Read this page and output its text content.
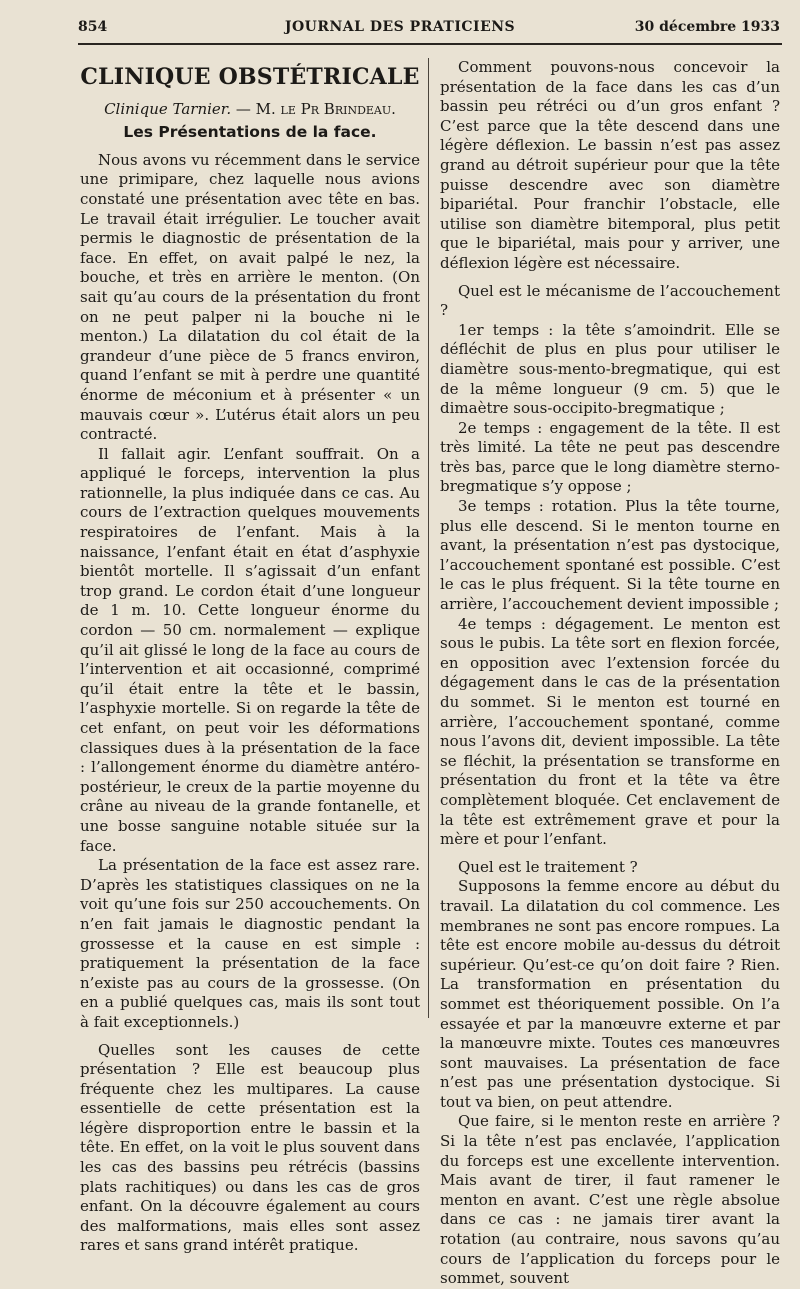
854	JOURNAL DES PRATICIENS	30 décembre 1933
CLINIQUE OBSTÉTRICALE
Clinique Tarnier. — M. le Pr Brindeau.
Les Présentations de la face.

Nous avons vu récemment dans le service une primipare, chez laquelle nous avions constaté une présentation avec tête en bas. Le travail était irrégulier. Le toucher avait permis le diagnostic de présentation de la face. En effet, on avait palpé le nez, la bouche, et très en arrière le menton. (On sait qu’au cours de la présentation du front on ne peut palper ni la bouche ni le menton.) La dilatation du col était de la grandeur d’une pièce de 5 francs environ, quand l’enfant se mit à perdre une quantité énorme de méconium et à présenter « un mauvais cœur ». L’utérus était alors un peu contracté.

Il fallait agir. L’enfant souffrait. On a appliqué le forceps, intervention la plus rationnelle, la plus indiquée dans ce cas. Au cours de l’extraction quelques mouvements respiratoires de l’enfant. Mais à la naissance, l’enfant était en état d’asphyxie bientôt mortelle. Il s’agissait d’un enfant trop grand. Le cordon était d’une longueur de 1 m. 10. Cette longueur énorme du cordon — 50 cm. normalement — explique qu’il ait glissé le long de la face au cours de l’intervention et ait occasionné, comprimé qu’il était entre la tête et le bassin, l’asphyxie mortelle. Si on regarde la tête de cet enfant, on peut voir les déformations classiques dues à la présentation de la face : l’allongement énorme du diamètre antéro-postérieur, le creux de la partie moyenne du crâne au niveau de la grande fontanelle, et une bosse sanguine notable située sur la face.

La présentation de la face est assez rare. D’après les statistiques classiques on ne la voit qu’une fois sur 250 accouchements. On n’en fait jamais le diagnostic pendant la grossesse et la cause en est simple : pratiquement la présentation de la face n’existe pas au cours de la grossesse. (On en a publié quelques cas, mais ils sont tout à fait exceptionnels.)

Quelles sont les causes de cette présentation ? Elle est beaucoup plus fréquente chez les multipares. La cause essentielle de cette présentation est la légère disproportion entre le bassin et la tête. En effet, on la voit le plus souvent dans les cas des bassins peu rétrécis (bassins plats rachitiques) ou dans les cas de gros enfant. On la découvre également au cours des malformations, mais elles sont assez rares et sans grand intérêt pratique.

Comment pouvons-nous concevoir la présentation de la face dans les cas d’un bassin peu rétréci ou d’un gros enfant ? C’est parce que la tête descend dans une légère déflexion. Le bassin n’est pas assez grand au détroit supérieur pour que la tête puisse descendre avec son diamètre bipariétal. Pour franchir l’obstacle, elle utilise son diamètre bitemporal, plus petit que le bipariétal, mais pour y arriver, une déflexion légère est nécessaire.

Quel est le mécanisme de l’accouchement ?

1er temps : la tête s’amoindrit. Elle se défléchit de plus en plus pour utiliser le diamètre sous-mento-bregmatique, qui est de la même longueur (9 cm. 5) que le dimaètre sous-occipito-bregmatique ;

2e temps : engagement de la tête. Il est très limité. La tête ne peut pas descendre très bas, parce que le long diamètre sterno-bregmatique s’y oppose ;

3e temps : rotation. Plus la tête tourne, plus elle descend. Si le menton tourne en avant, la présentation n’est pas dystocique, l’accouchement spontané est possible. C’est le cas le plus fréquent. Si la tête tourne en arrière, l’accouchement devient impossible ;

4e temps : dégagement. Le menton est sous le pubis. La tête sort en flexion forcée, en opposition avec l’extension forcée du dégagement dans le cas de la présentation du sommet. Si le menton est tourné en arrière, l’accouchement spontané, comme nous l’avons dit, devient impossible. La tête se fléchit, la présentation se transforme en présentation du front et la tête va être complètement bloquée. Cet enclavement de la tête est extrêmement grave et pour la mère et pour l’enfant.

Quel est le traitement ?

Supposons la femme encore au début du travail. La dilatation du col commence. Les membranes ne sont pas encore rompues. La tête est encore mobile au-dessus du détroit supérieur. Qu’est-ce qu’on doit faire ? Rien. La transformation en présentation du sommet est théoriquement possible. On l’a essayée et par la manœuvre externe et par la manœuvre mixte. Toutes ces manœuvres sont mauvaises. La présentation de face n’est pas une présentation dystocique. Si tout va bien, on peut attendre.

Que faire, si le menton reste en arrière ? Si la tête n’est pas enclavée, l’application du forceps est une excellente intervention. Mais avant de tirer, il faut ramener le menton en avant. C’est une règle absolue dans ce cas : ne jamais tirer avant la rotation (au contraire, nous savons qu’au cours de l’application du forceps pour le sommet, souvent
